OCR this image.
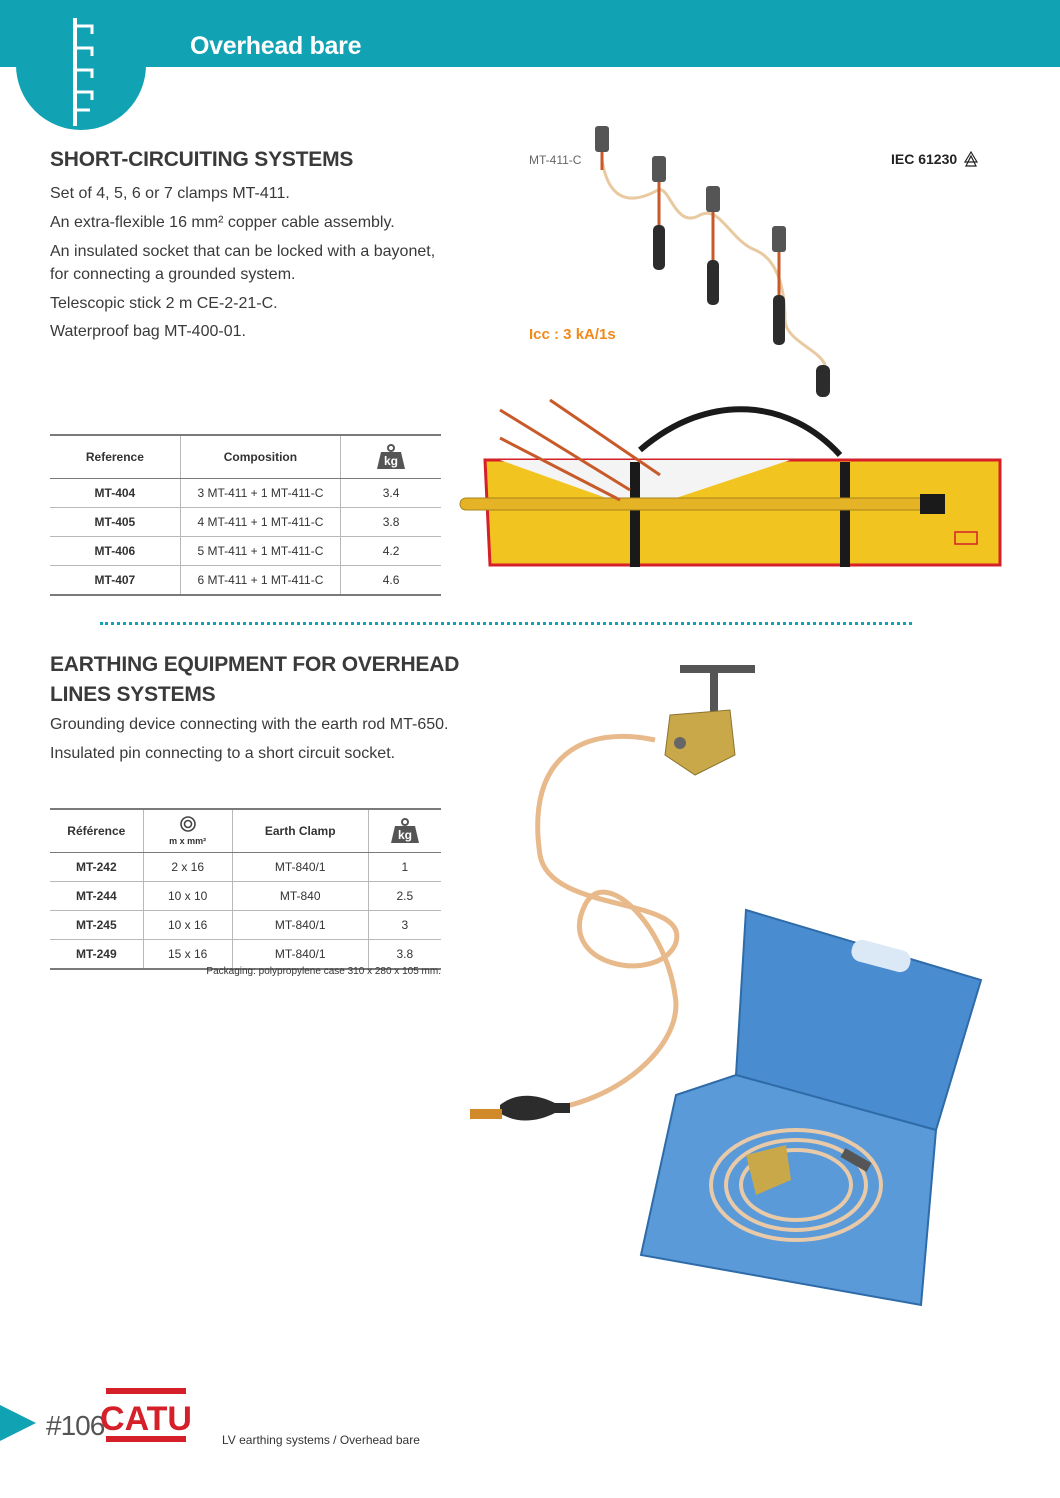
Overhead bare
SHORT-CIRCUITING SYSTEMS
Set of 4, 5, 6 or 7 clamps MT-411.
An extra-flexible 16 mm² copper cable assembly.
An insulated socket that can be locked with a bayonet,
for connecting a grounded system.
Telescopic stick 2 m CE-2-21-C.
Waterproof bag MT-400-01.
Reference	Composition	kg

MT-404	3 MT-411 + 1 MT-411-C	3.4
MT-405	4 MT-411 + 1 MT-411-C	3.8
MT-406	5 MT-411 + 1 MT-411-C	4.2
MT-407	6 MT-411 + 1 MT-411-C	4.6
MT-411-C	IEC 61230
Icc : 3 kA/1s
EARTHING EQUIPMENT FOR OVERHEAD
LINES SYSTEMS
Grounding device connecting with the earth rod MT-650.
Insulated pin connecting to a short circuit socket.
Référence	m x mm²	Earth Clamp	kg

MT-242	2 x 16	MT-840/1	1
MT-244	10 x 10	MT-840	2.5
MT-245	10 x 16	MT-840/1	3
MT-249	15 x 16	MT-840/1	3.8
Packaging: polypropylene case 310 x 280 x 105 mm.
#106
CATU
LV earthing systems / Overhead bare
